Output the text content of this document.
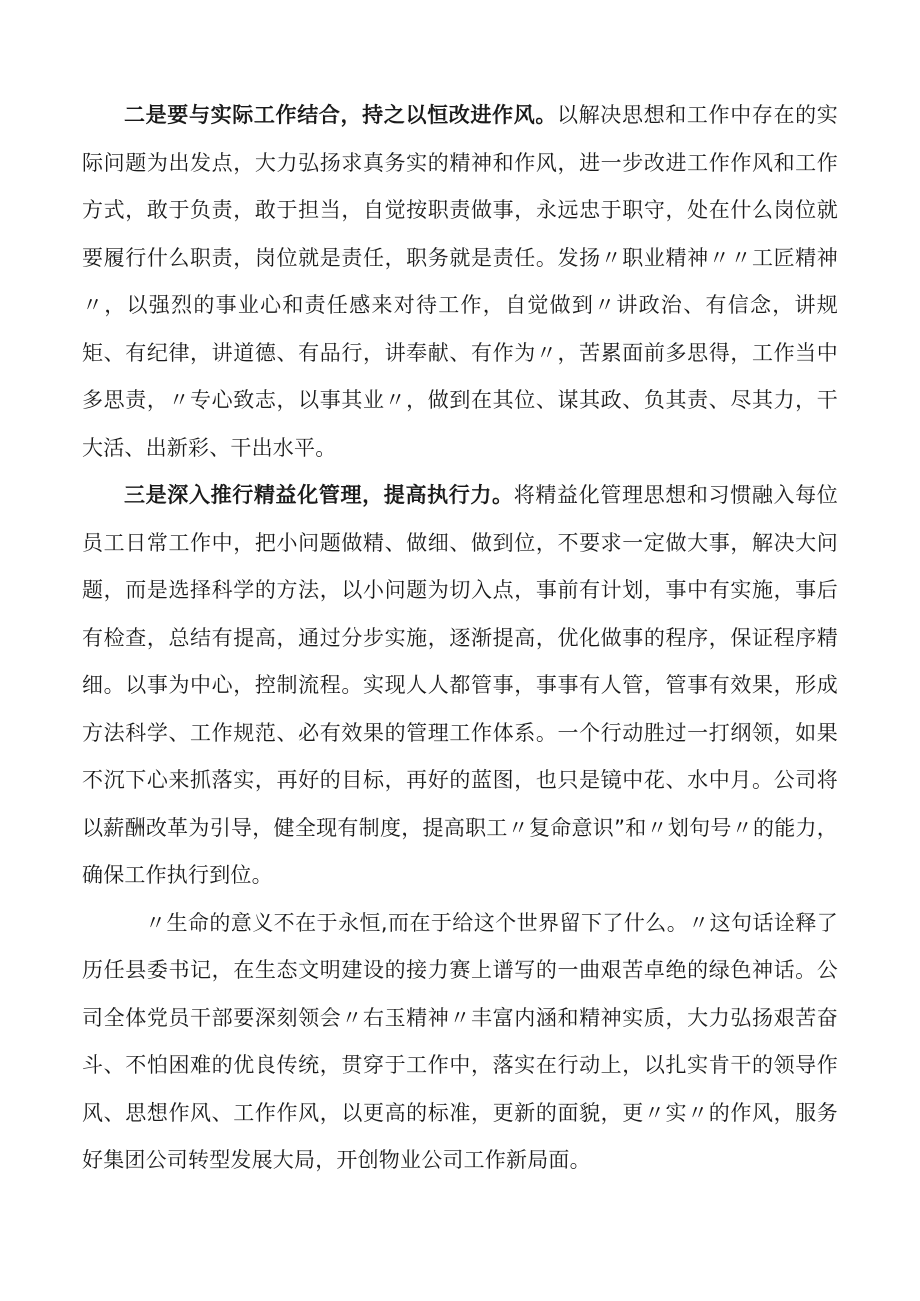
二是要与实际工作结合，持之以恒改进作风。以解决思想和工作中存在的实际问题为出发点，大力弘扬求真务实的精神和作风，进一步改进工作作风和工作方式，敢于负责，敢于担当，自觉按职责做事，永远忠于职守，处在什么岗位就要履行什么职责，岗位就是责任，职务就是责任。发扬〃职业精神〃〃工匠精神〃，以强烈的事业心和责任感来对待工作，自觉做到〃讲政治、有信念，讲规矩、有纪律，讲道德、有品行，讲奉献、有作为〃，苦累面前多思得，工作当中多思责，〃专心致志，以事其业〃，做到在其位、谋其政、负其责、尽其力，干大活、出新彩、干出水平。

三是深入推行精益化管理，提高执行力。将精益化管理思想和习惯融入每位员工日常工作中，把小问题做精、做细、做到位，不要求一定做大事，解决大问题，而是选择科学的方法，以小问题为切入点，事前有计划，事中有实施，事后有检查，总结有提高，通过分步实施，逐渐提高，优化做事的程序，保证程序精细。以事为中心，控制流程。实现人人都管事，事事有人管，管事有效果，形成方法科学、工作规范、必有效果的管理工作体系。一个行动胜过一打纲领，如果不沉下心来抓落实，再好的目标，再好的蓝图，也只是镜中花、水中月。公司将以薪酬改革为引导，健全现有制度，提高职工〃复命意识”和〃划句号〃的能力，确保工作执行到位。

〃生命的意义不在于永恒,而在于给这个世界留下了什么。〃这句话诠释了历任县委书记，在生态文明建设的接力赛上谱写的一曲艰苦卓绝的绿色神话。公司全体党员干部要深刻领会〃右玉精神〃丰富内涵和精神实质，大力弘扬艰苦奋斗、不怕困难的优良传统，贯穿于工作中，落实在行动上，以扎实肯干的领导作风、思想作风、工作作风，以更高的标准，更新的面貌，更〃实〃的作风，服务好集团公司转型发展大局，开创物业公司工作新局面。
